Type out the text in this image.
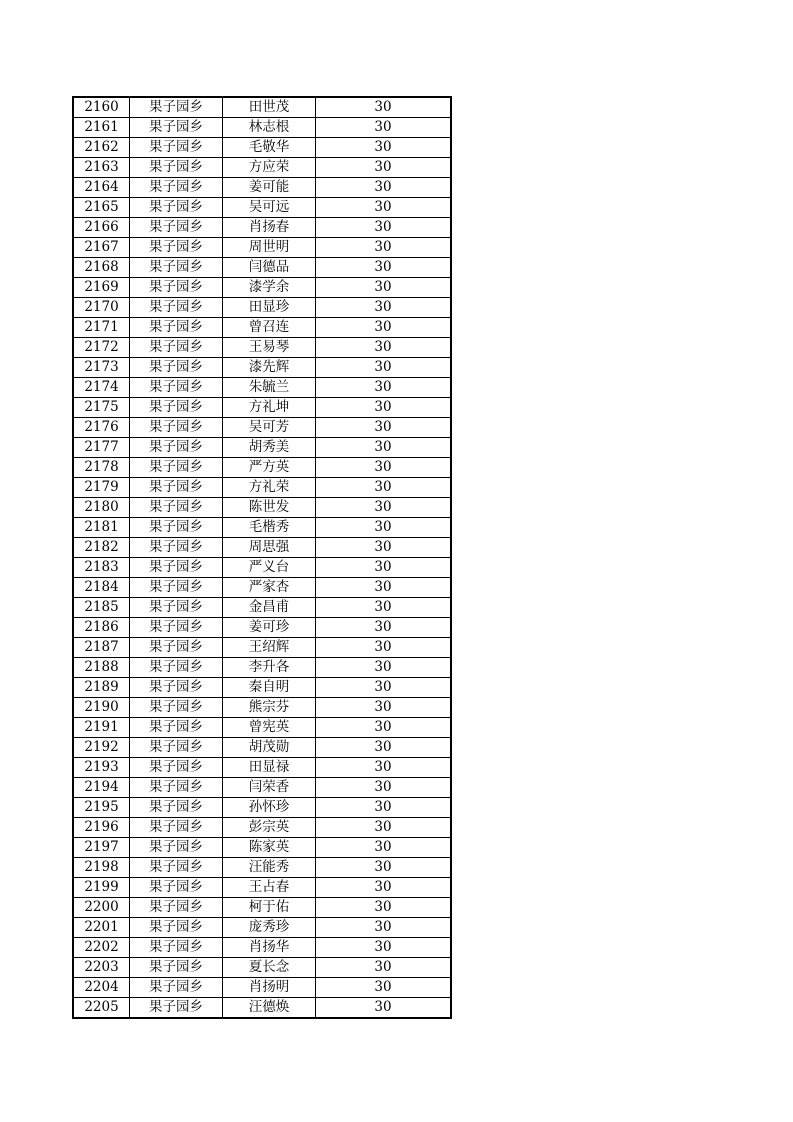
2160	果子园乡	田世茂	30
2161	果子园乡	林志根	30
2162	果子园乡	毛敬华	30
2163	果子园乡	方应荣	30
2164	果子园乡	姜可能	30
2165	果子园乡	吴可远	30
2166	果子园乡	肖扬春	30
2167	果子园乡	周世明	30
2168	果子园乡	闫德品	30
2169	果子园乡	漆学余	30
2170	果子园乡	田显珍	30
2171	果子园乡	曾召连	30
2172	果子园乡	王易琴	30
2173	果子园乡	漆先辉	30
2174	果子园乡	朱毓兰	30
2175	果子园乡	方礼坤	30
2176	果子园乡	吴可芳	30
2177	果子园乡	胡秀美	30
2178	果子园乡	严方英	30
2179	果子园乡	方礼荣	30
2180	果子园乡	陈世发	30
2181	果子园乡	毛楷秀	30
2182	果子园乡	周思强	30
2183	果子园乡	严义台	30
2184	果子园乡	严家杏	30
2185	果子园乡	金昌甫	30
2186	果子园乡	姜可珍	30
2187	果子园乡	王绍辉	30
2188	果子园乡	李升各	30
2189	果子园乡	秦自明	30
2190	果子园乡	熊宗芬	30
2191	果子园乡	曾宪英	30
2192	果子园乡	胡茂勋	30
2193	果子园乡	田显禄	30
2194	果子园乡	闫荣香	30
2195	果子园乡	孙怀珍	30
2196	果子园乡	彭宗英	30
2197	果子园乡	陈家英	30
2198	果子园乡	汪能秀	30
2199	果子园乡	王占春	30
2200	果子园乡	柯于佑	30
2201	果子园乡	庞秀珍	30
2202	果子园乡	肖扬华	30
2203	果子园乡	夏长念	30
2204	果子园乡	肖扬明	30
2205	果子园乡	汪德焕	30
